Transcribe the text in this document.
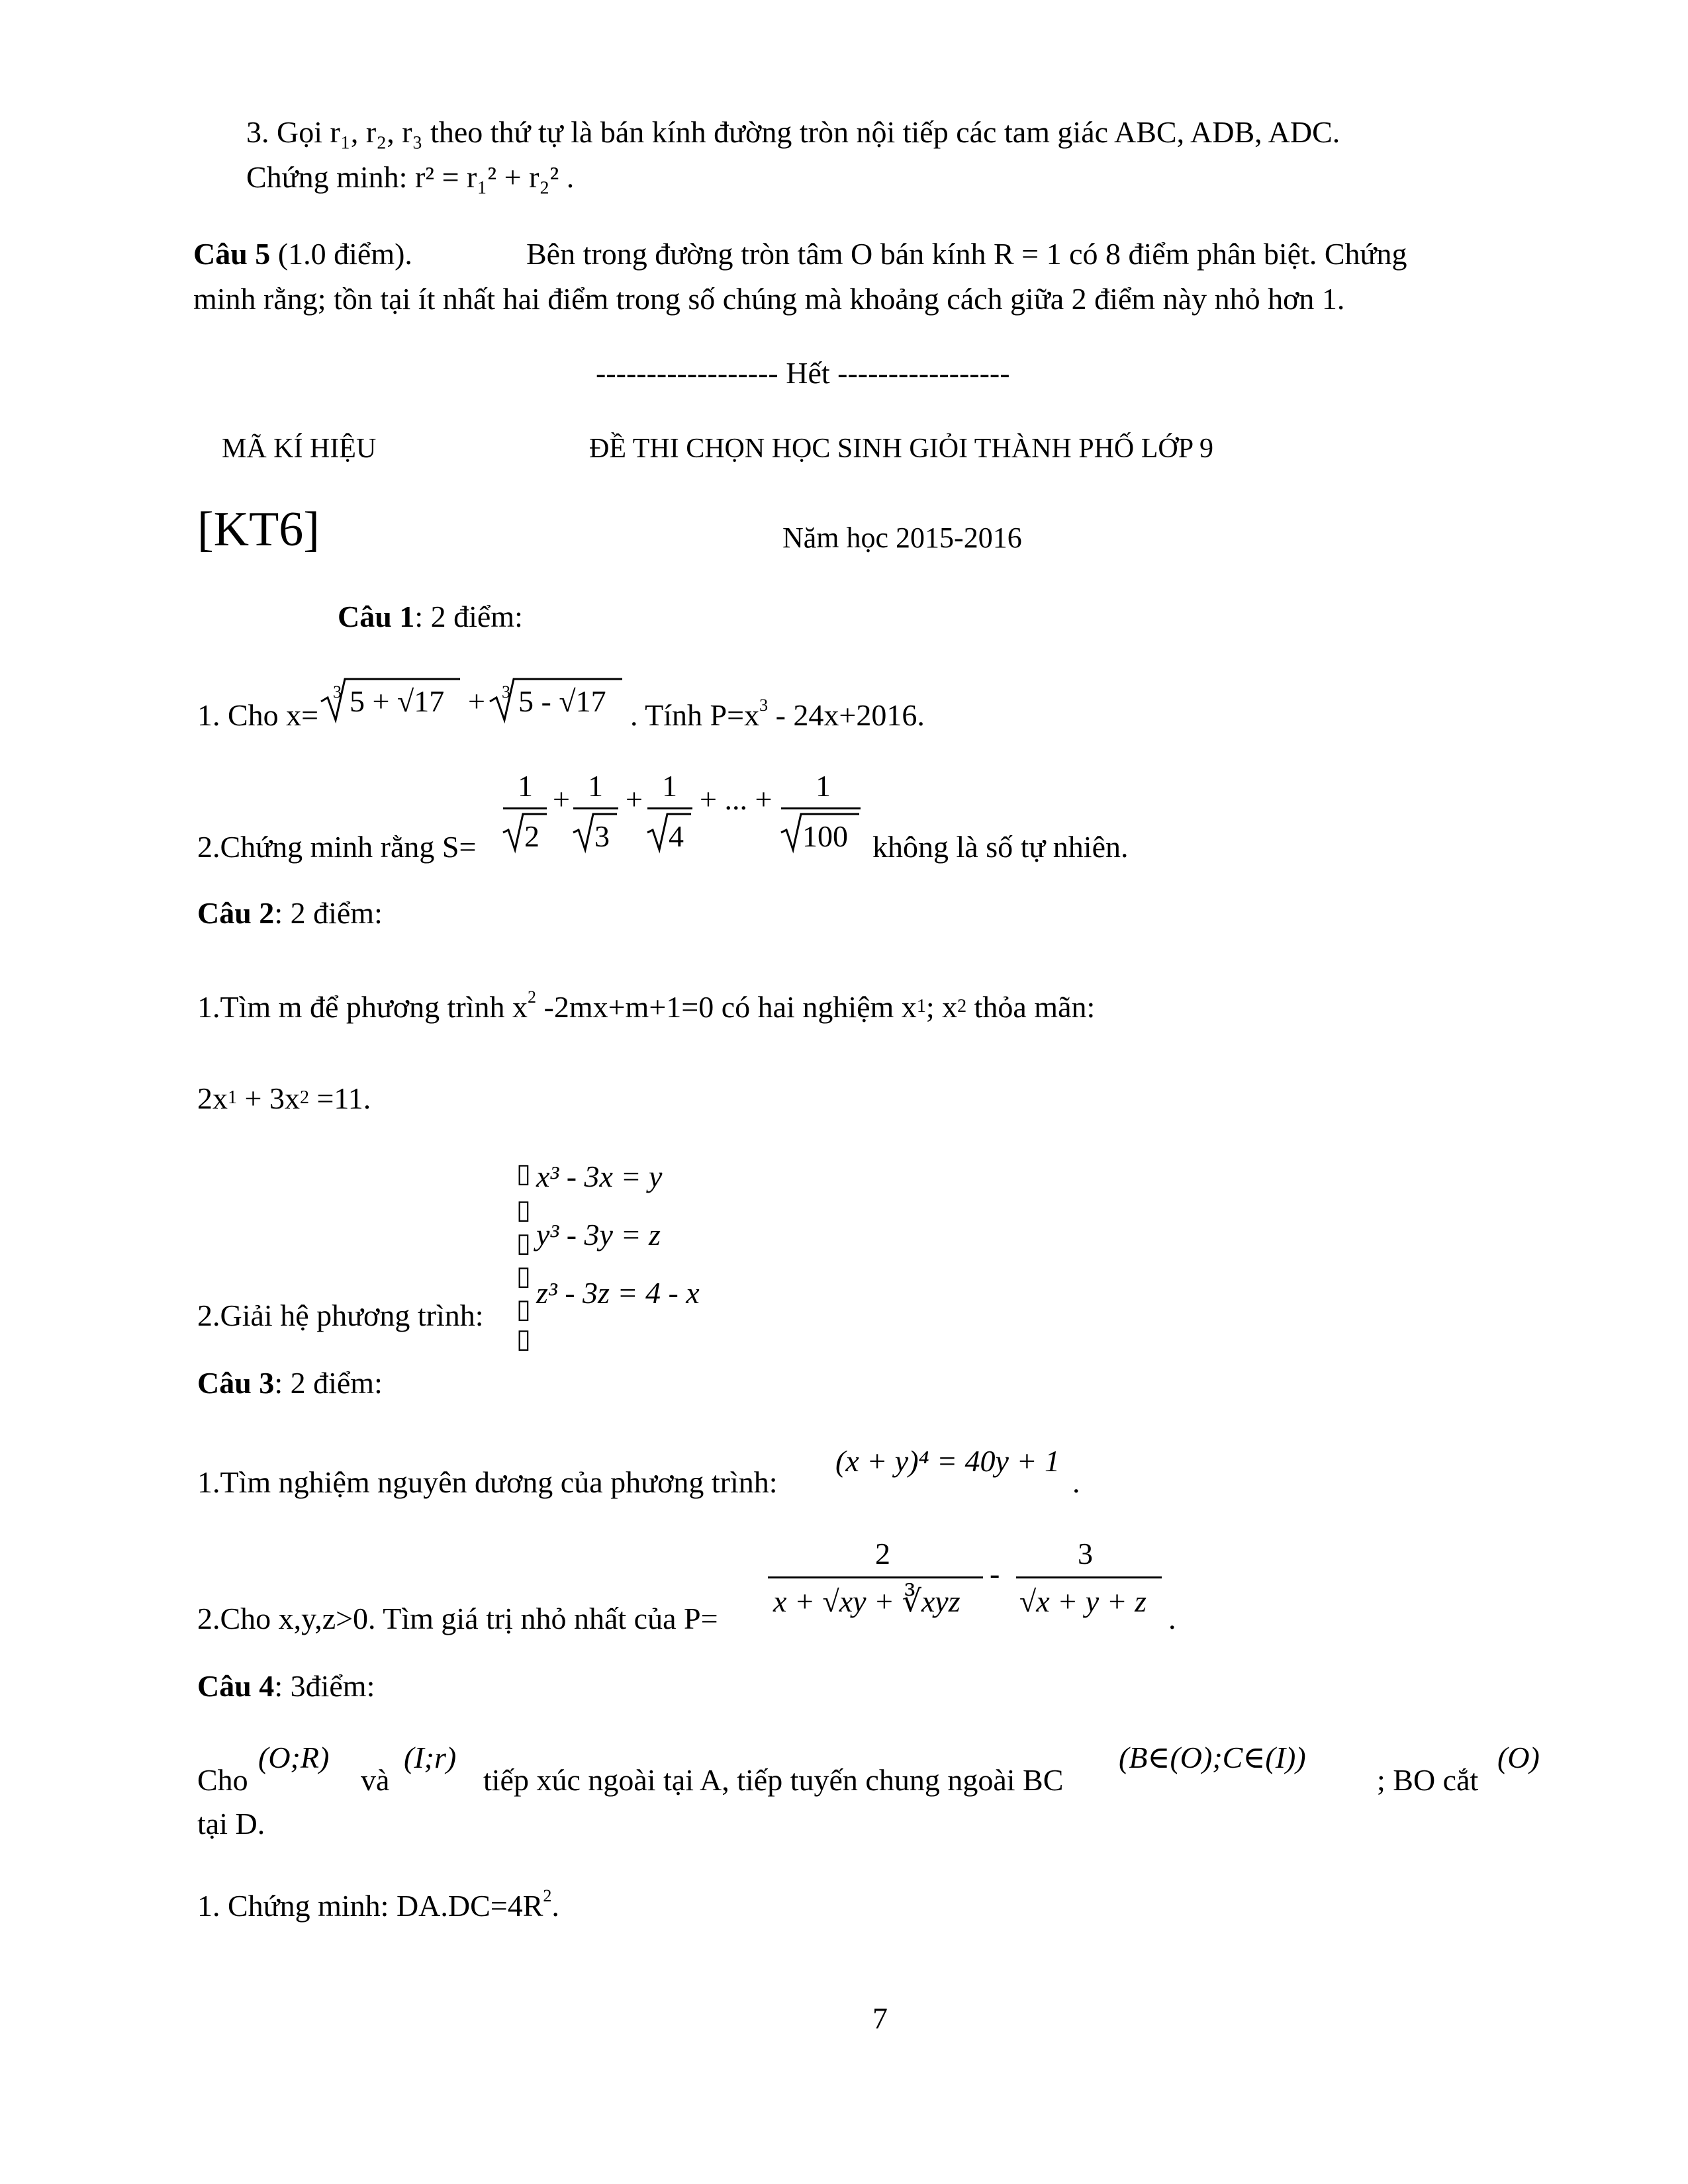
3. Gọi r₁, r₂, r₃ theo thứ tự là bán kính đường tròn nội tiếp các tam giác ABC, ADB, ADC.
Chứng minh: r² = r₁² + r₂² .
Câu 5 (1.0 điểm).	Bên trong đường tròn tâm O bán kính R = 1 có 8 điểm phân biệt. Chứng
minh rằng; tồn tại ít nhất hai điểm trong số chúng mà khoảng cách giữa 2 điểm này nhỏ hơn 1.
------------------ Hết -----------------
MÃ KÍ HIỆU	ĐỀ THI CHỌN HỌC SINH GIỎI THÀNH PHỐ LỚP 9
[KT6]	Năm học 2015-2016
Câu 1: 2 điểm:
1. Cho x=
3 5 + √17 + 3 5 - √17 . Tính $P=x^3 - 24x+2016$.
2.Chứng minh rằng S=
1
2
+ 1
3
+ 1
4
+ ... + 1
100 không là số tự nhiên.
Câu 2: 2 điểm:
1.Tìm m để phương trình $x^2$ -2mx+m+1=0 có hai nghiệm x1; x2 thỏa mãn:
2x1 + 3x2 =11.
▯
▯
▯
▯
▯
▯
x³ - 3x = y
y³ - 3y = z
z³ - 3z = 4 - x
2.Giải hệ phương trình:
Câu 3: 2 điểm:
1.Tìm nghiệm nguyên dương của phương trình:
(x + y)⁴ = 40y + 1
.
2.Cho x,y,z>0. Tìm giá trị nhỏ nhất của P=
2
x + √xy + ∛xyz
-
3
√x + y + z
.
Câu 4: 3điểm:
Cho
(O;R)
và
(I;r)
tiếp xúc ngoài tại A, tiếp tuyến chung ngoài BC
(B∈(O);C∈(I))
; BO cắt
(O)
tại D.
1. Chứng minh: $DA.DC=4R^2$.
7
